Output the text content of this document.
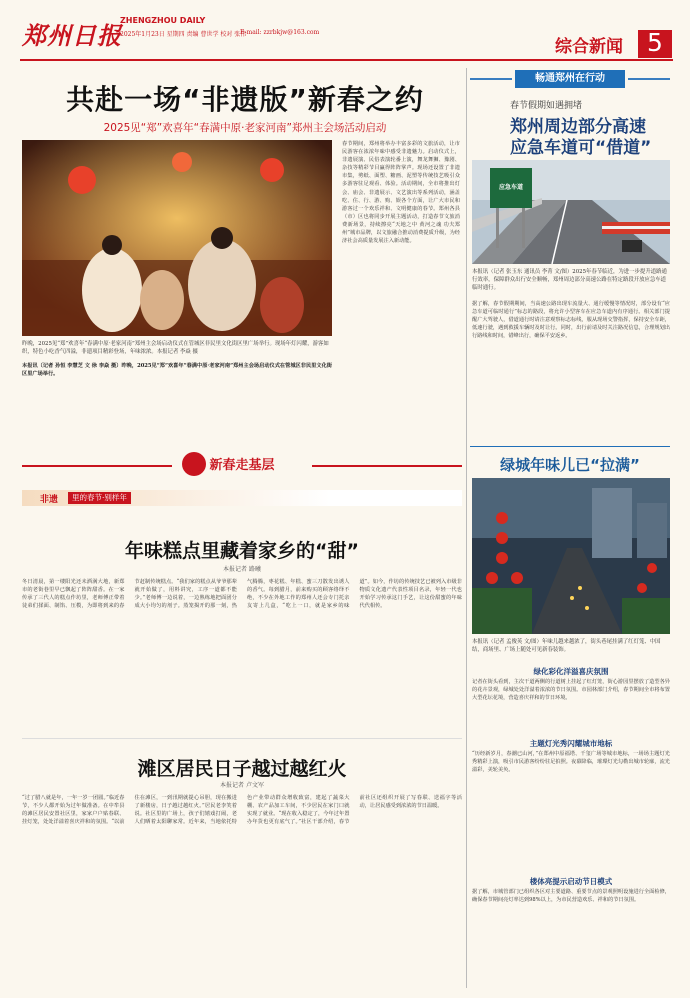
郑州日报
ZHENGZHOU DAILY
2025年1月23日 星期四 责编 曹世学 校对 张伟
E-mail: zzrbkjw@163.com
综合新闻 5
共赴一场“非遗版”新春之约
2025见“郑”欢喜年“春满中原·老家河南”郑州主会场活动启动
昨晚，2025见“郑”欢喜年“春满中原·老家河南”郑州主会场启动仪式在管城区非民里文化街区里广场举行。现场年灯闪耀，游客如织，特色小吃香气四溢，非遗项目精彩登场，年味浓浓。本报记者 李焱 摄
春节期间，郑州将举办丰富多彩的文旅活动，让市民游客在浓浓年味中感受非遗魅力。启动仪式上，非遗展演、民俗表演轮番上演，舞龙舞狮、豫剧、杂技等精彩节目赢得阵阵掌声。现场还设置了非遗市集，剪纸、面塑、糖画、泥塑等传统技艺吸引众多游客驻足观看、体验。活动期间，全市将推出灯会、庙会、非遗展示、文艺演出等系列活动，涵盖吃、住、行、游、购、娱各个方面，让广大市民和游客过一个欢乐祥和、文明健康的春节。郑州各县（市）区也将同步开展主题活动，打造春节文旅消费新场景，持续擦亮“天地之中 黄河之魂 功夫郑州”城市品牌，以文旅融合推动消费提质升级，为经济社会高质量发展注入新动能。
本报讯（记者 孙恒 李慧芝 文 徐 李焱 摄）昨晚，2025见“郑”欢喜年“春满中原·老家河南”郑州主会场启动仪式在管城区非民里文化街区里广场举行。
畅通郑州在行动
春节假期如遇拥堵
郑州周边部分高速
应急车道可“借道”
应急车道
本报讯（记者 张玉东 通讯员 李菁 文/图）2025年春节临近，为进一步提升道路通行效率，保障群众出行安全顺畅，郑州周边部分高速公路在特定路段开放应急车道临时通行。
据了解，春节假期期间，当高速公路出现车流量大、通行缓慢等情况时，部分设有“应急车道可临时通行”标志的路段，将允许小型客车在应急车道内有序通行。相关部门提醒广大驾驶人，借道通行时请注意观察标志标线，服从现场交警指挥，保持安全车距，低速行驶，遇到救援车辆时及时让行。同时，出行前请及时关注路况信息，合理规划出行路线和时间，错峰出行，确保平安返乡。
绿城年味儿已“拉满”
本报讯（记者 孟俊英 文/图）年味儿越来越浓了，街头巷尾挂满了红灯笼、中国结，商场里、广场上随处可见新春装饰。
绿化彩化洋溢喜庆氛围
记者在街头看到，主次干道两侧的行道树上挂起了红灯笼，街心游园里摆放了造型各异的花卉景观，绿城处处洋溢着浓浓的节日氛围。市园林部门介绍，春节期间全市将布置大型花坛花境，营造喜庆祥和的节日环境。
主题灯光秀闪耀城市地标
“历经新岁月，春潮已山河，”在郑州中原福塔、千玺广场等城市地标，一场场主题灯光秀精彩上演，吸引市民游客纷纷驻足拍照。夜幕降临，璀璨灯光勾勒出城市轮廓，流光溢彩，美轮美奂。
楼体亮提示启动节日模式
据了解，市城管部门已组织各区对主要道路、重要节点的景观照明设施进行全面检修，确保春节期间亮灯率达到98%以上，为市民营造欢乐、祥和的节日氛围。
新春走基层
非遗	里的春节·别样年
年味糕点里藏着家乡的“甜”
本报记者 路曦
冬日清晨，第一缕阳光还未洒满大地，新郑市的老街巷里早已飘起了阵阵甜香。在一家传承了三代人的糕点作坊里，老师傅正带着徒弟们揉面、制馅、压模，为即将到来的春节赶制传统糕点。“我们家的糕点从爷爷那辈就开始做了，用料讲究，工序一道都不能少。”老师傅一边说着，一边熟练地把面团分成大小均匀的剂子。蒸笼揭开的那一刻，热气腾腾，枣花糕、年糕、蜜三刀散发出诱人的香气。每到腊月，前来购买的顾客络绎不绝，不少在外地工作的郑州人还会专门托亲友寄上几盒，“吃上一口，就是家乡的味道”。如今，作坊的传统技艺已被列入市级非物质文化遗产代表性项目名录，年轻一代也开始学习传承这门手艺，让这份甜蜜的年味代代相传。
滩区居民日子越过越红火
本报记者 卢文军
“过了腊八就是年，一年一岁一团圆。”临近春节，不少人都开始为过年做准备。在中牟县的滩区居民安置社区里，家家户户贴春联、挂灯笼，处处洋溢着喜庆祥和的氛围。“以前住在滩区，一到汛期就提心吊胆，现在搬进了新楼房，日子越过越红火。”居民老李笑着说。社区里的广场上，孩子们嬉戏打闹，老人们晒着太阳聊家常。近年来，当地依托特色产业带动群众增收致富，建起了蔬菜大棚、农产品加工车间，不少居民在家门口就实现了就业。“现在收入稳定了，今年过年置办年货也更有底气了。”社区干部介绍，春节前社区还组织开展了写春联、送福字等活动，让居民感受到浓浓的节日温暖。
